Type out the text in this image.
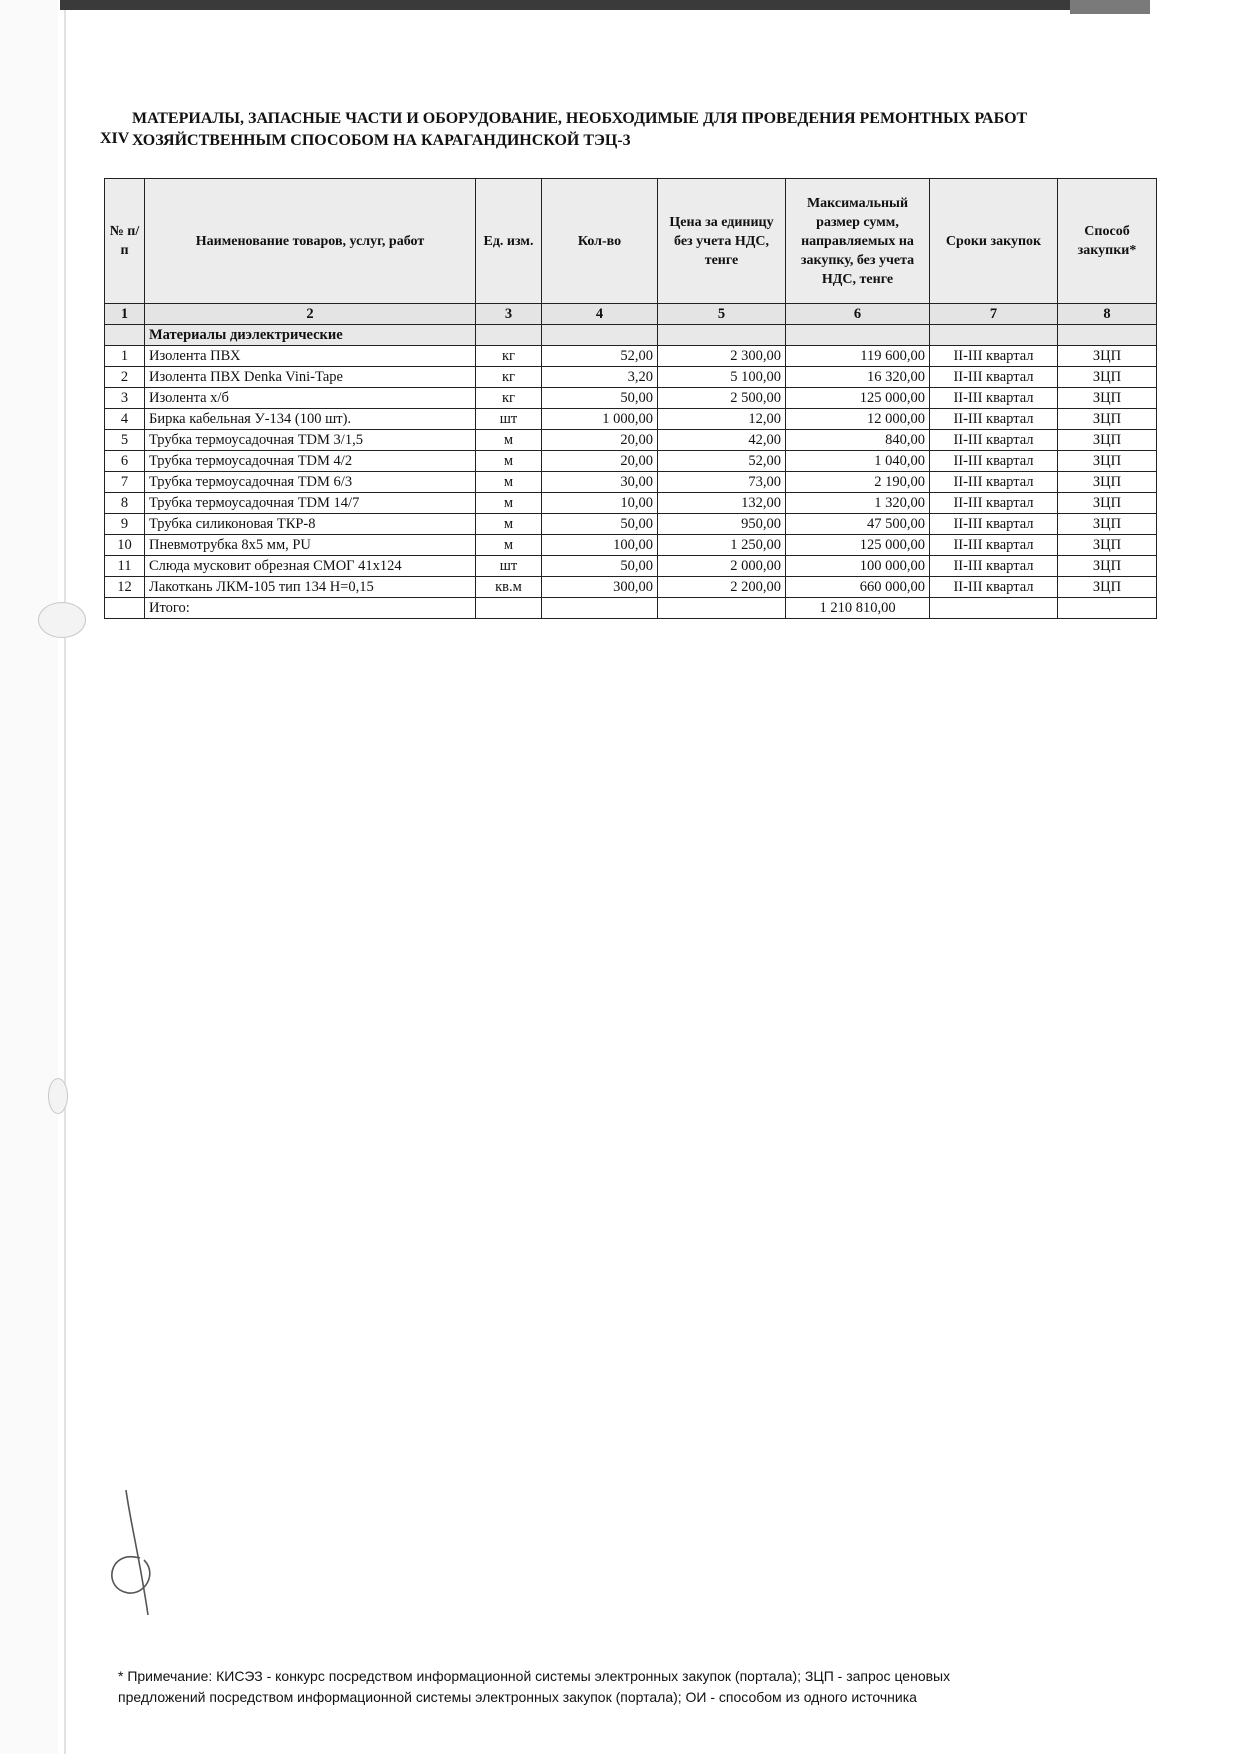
XIV
МАТЕРИАЛЫ, ЗАПАСНЫЕ ЧАСТИ И ОБОРУДОВАНИЕ, НЕОБХОДИМЫЕ ДЛЯ ПРОВЕДЕНИЯ РЕМОНТНЫХ РАБОТ
ХОЗЯЙСТВЕННЫМ СПОСОБОМ НА КАРАГАНДИНСКОЙ ТЭЦ-3
№ п/п	Наименование товаров, услуг, работ	Ед. изм.	Кол-во	Цена за единицу без учета НДС, тенге	Максимальный размер сумм, направляемых на закупку, без учета НДС, тенге	Сроки закупок	Способ закупки*
1	2	3	4	5	6	7	8
	Материалы диэлектрические						
1	Изолента ПВХ	кг	52,00	2 300,00	119 600,00	II-III квартал	ЗЦП
2	Изолента ПВХ Denka Vini-Tape	кг	3,20	5 100,00	16 320,00	II-III квартал	ЗЦП
3	Изолента х/б	кг	50,00	2 500,00	125 000,00	II-III квартал	ЗЦП
4	Бирка кабельная У-134 (100 шт).	шт	1 000,00	12,00	12 000,00	II-III квартал	ЗЦП
5	Трубка термоусадочная TDM 3/1,5	м	20,00	42,00	840,00	II-III квартал	ЗЦП
6	Трубка термоусадочная TDM 4/2	м	20,00	52,00	1 040,00	II-III квартал	ЗЦП
7	Трубка термоусадочная TDM 6/3	м	30,00	73,00	2 190,00	II-III квартал	ЗЦП
8	Трубка термоусадочная TDM 14/7	м	10,00	132,00	1 320,00	II-III квартал	ЗЦП
9	Трубка силиконовая ТКР-8	м	50,00	950,00	47 500,00	II-III квартал	ЗЦП
10	Пневмотрубка 8х5 мм, PU	м	100,00	1 250,00	125 000,00	II-III квартал	ЗЦП
11	Слюда мусковит обрезная СМОГ 41х124	шт	50,00	2 000,00	100 000,00	II-III квартал	ЗЦП
12	Лакоткань ЛКМ-105 тип 134 Н=0,15	кв.м	300,00	2 200,00	660 000,00	II-III квартал	ЗЦП
	Итого:				1 210 810,00		
* Примечание: КИСЭЗ - конкурс посредством информационной системы электронных закупок (портала); ЗЦП - запрос ценовых
предложений посредством информационной системы электронных закупок (портала); ОИ - способом из одного источника
